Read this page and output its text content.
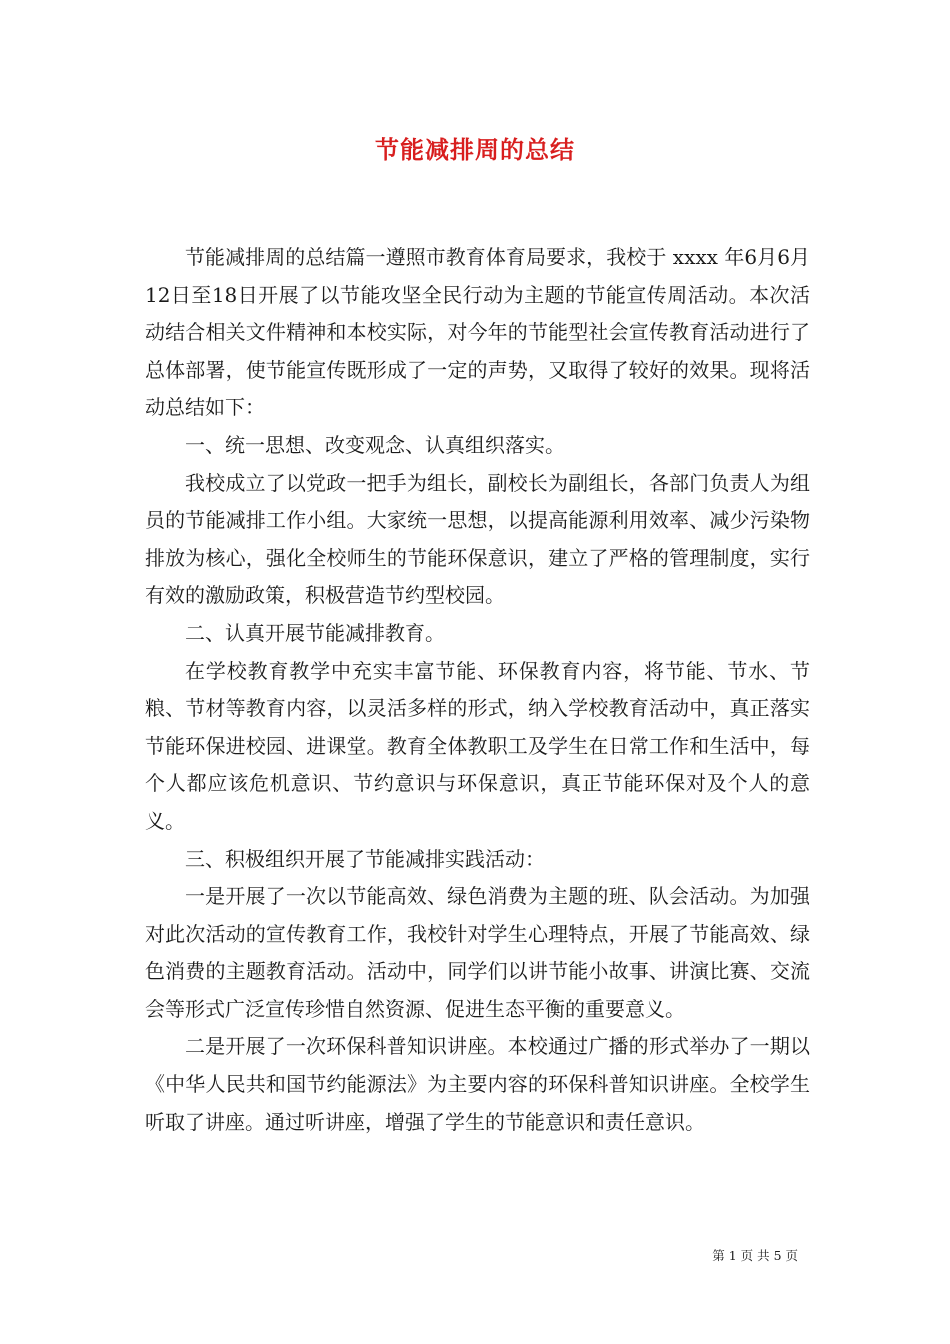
节能减排周的总结

节能减排周的总结篇一遵照市教育体育局要求，我校于 xxxx 年6月6月12日至18日开展了以节能攻坚全民行动为主题的节能宣传周活动。本次活动结合相关文件精神和本校实际，对今年的节能型社会宣传教育活动进行了总体部署，使节能宣传既形成了一定的声势，又取得了较好的效果。现将活动总结如下：

一、统一思想、改变观念、认真组织落实。

我校成立了以党政一把手为组长，副校长为副组长，各部门负责人为组员的节能减排工作小组。大家统一思想，以提高能源利用效率、减少污染物排放为核心，强化全校师生的节能环保意识，建立了严格的管理制度，实行有效的激励政策，积极营造节约型校园。

二、认真开展节能减排教育。

在学校教育教学中充实丰富节能、环保教育内容，将节能、节水、节粮、节材等教育内容，以灵活多样的形式，纳入学校教育活动中，真正落实节能环保进校园、进课堂。教育全体教职工及学生在日常工作和生活中，每个人都应该危机意识、节约意识与环保意识，真正节能环保对及个人的意义。

三、积极组织开展了节能减排实践活动：

一是开展了一次以节能高效、绿色消费为主题的班、队会活动。为加强对此次活动的宣传教育工作，我校针对学生心理特点，开展了节能高效、绿色消费的主题教育活动。活动中，同学们以讲节能小故事、讲演比赛、交流会等形式广泛宣传珍惜自然资源、促进生态平衡的重要意义。

二是开展了一次环保科普知识讲座。本校通过广播的形式举办了一期以《中华人民共和国节约能源法》为主要内容的环保科普知识讲座。全校学生听取了讲座。通过听讲座，增强了学生的节能意识和责任意识。

第 1 页 共 5 页
